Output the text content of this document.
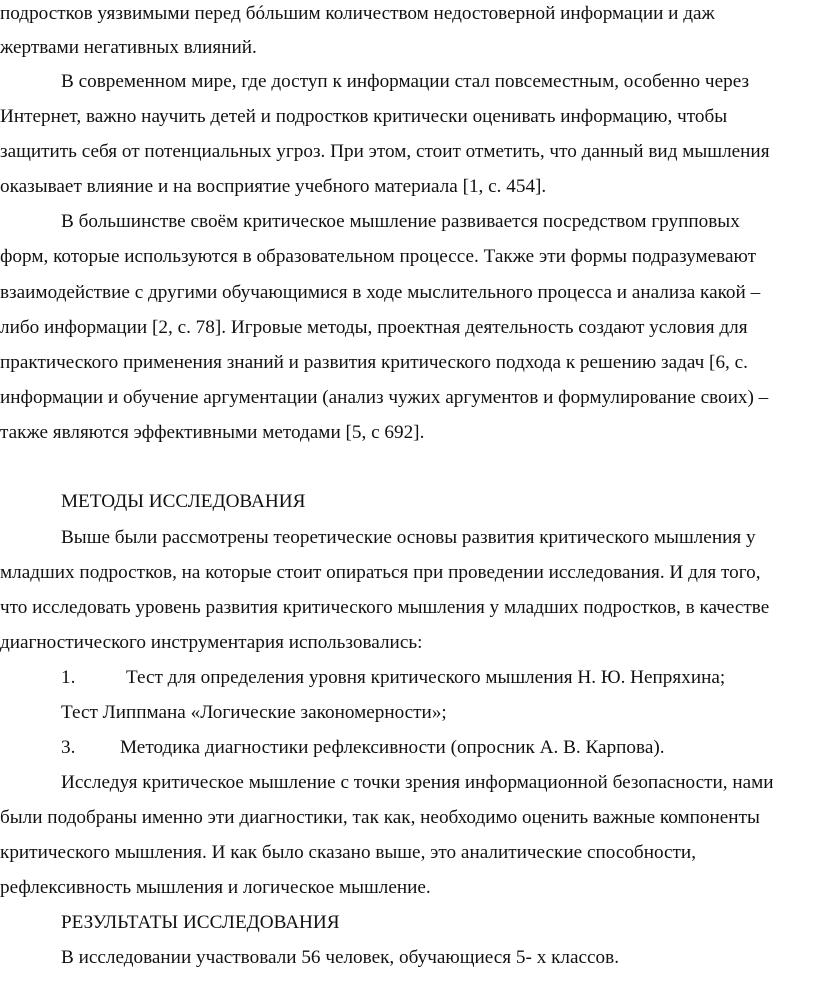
подростков уязвимыми перед бóльшим количеством недостоверной информации и даж
жертвами негативных влияний.
В современном мире, где доступ к информации стал повсеместным, особенно через
Интернет, важно научить детей и подростков критически оценивать информацию, чтобы
защитить себя от потенциальных угроз. При этом, стоит отметить, что данный вид мышления
оказывает влияние и на восприятие учебного материала [1, с. 454].
В большинстве своём критическое мышление развивается посредством групповых
форм, которые используются в образовательном процессе. Также эти формы подразумевают
взаимодействие с другими обучающимися в ходе мыслительного процесса и анализа какой –
либо информации [2, с. 78]. Игровые методы, проектная деятельность создают условия для
практического применения знаний и развития критического подхода к решению задач [6, с.
информации и обучение аргументации (анализ чужих аргументов и формулирование своих) –
также являются эффективными методами [5, с 692].
МЕТОДЫ ИССЛЕДОВАНИЯ
Выше были рассмотрены теоретические основы развития критического мышления у
младших подростков, на которые стоит опираться при проведении исследования. И для того,
что исследовать уровень развития критического мышления у младших подростков, в качестве
диагностического инструментария использовались:
1.	Тест для определения уровня критического мышления Н. Ю. Непряхина;
Тест Липпмана «Логические закономерности»;
3. Методика диагностики рефлексивности (опросник А. В. Карпова).
Исследуя критическое мышление с точки зрения информационной безопасности, нами
были подобраны именно эти диагностики, так как, необходимо оценить важные компоненты
критического мышления. И как было сказано выше, это аналитические способности,
рефлексивность мышления и логическое мышление.
РЕЗУЛЬТАТЫ ИССЛЕДОВАНИЯ
В исследовании участвовали 56 человек, обучающиеся 5- х классов.
